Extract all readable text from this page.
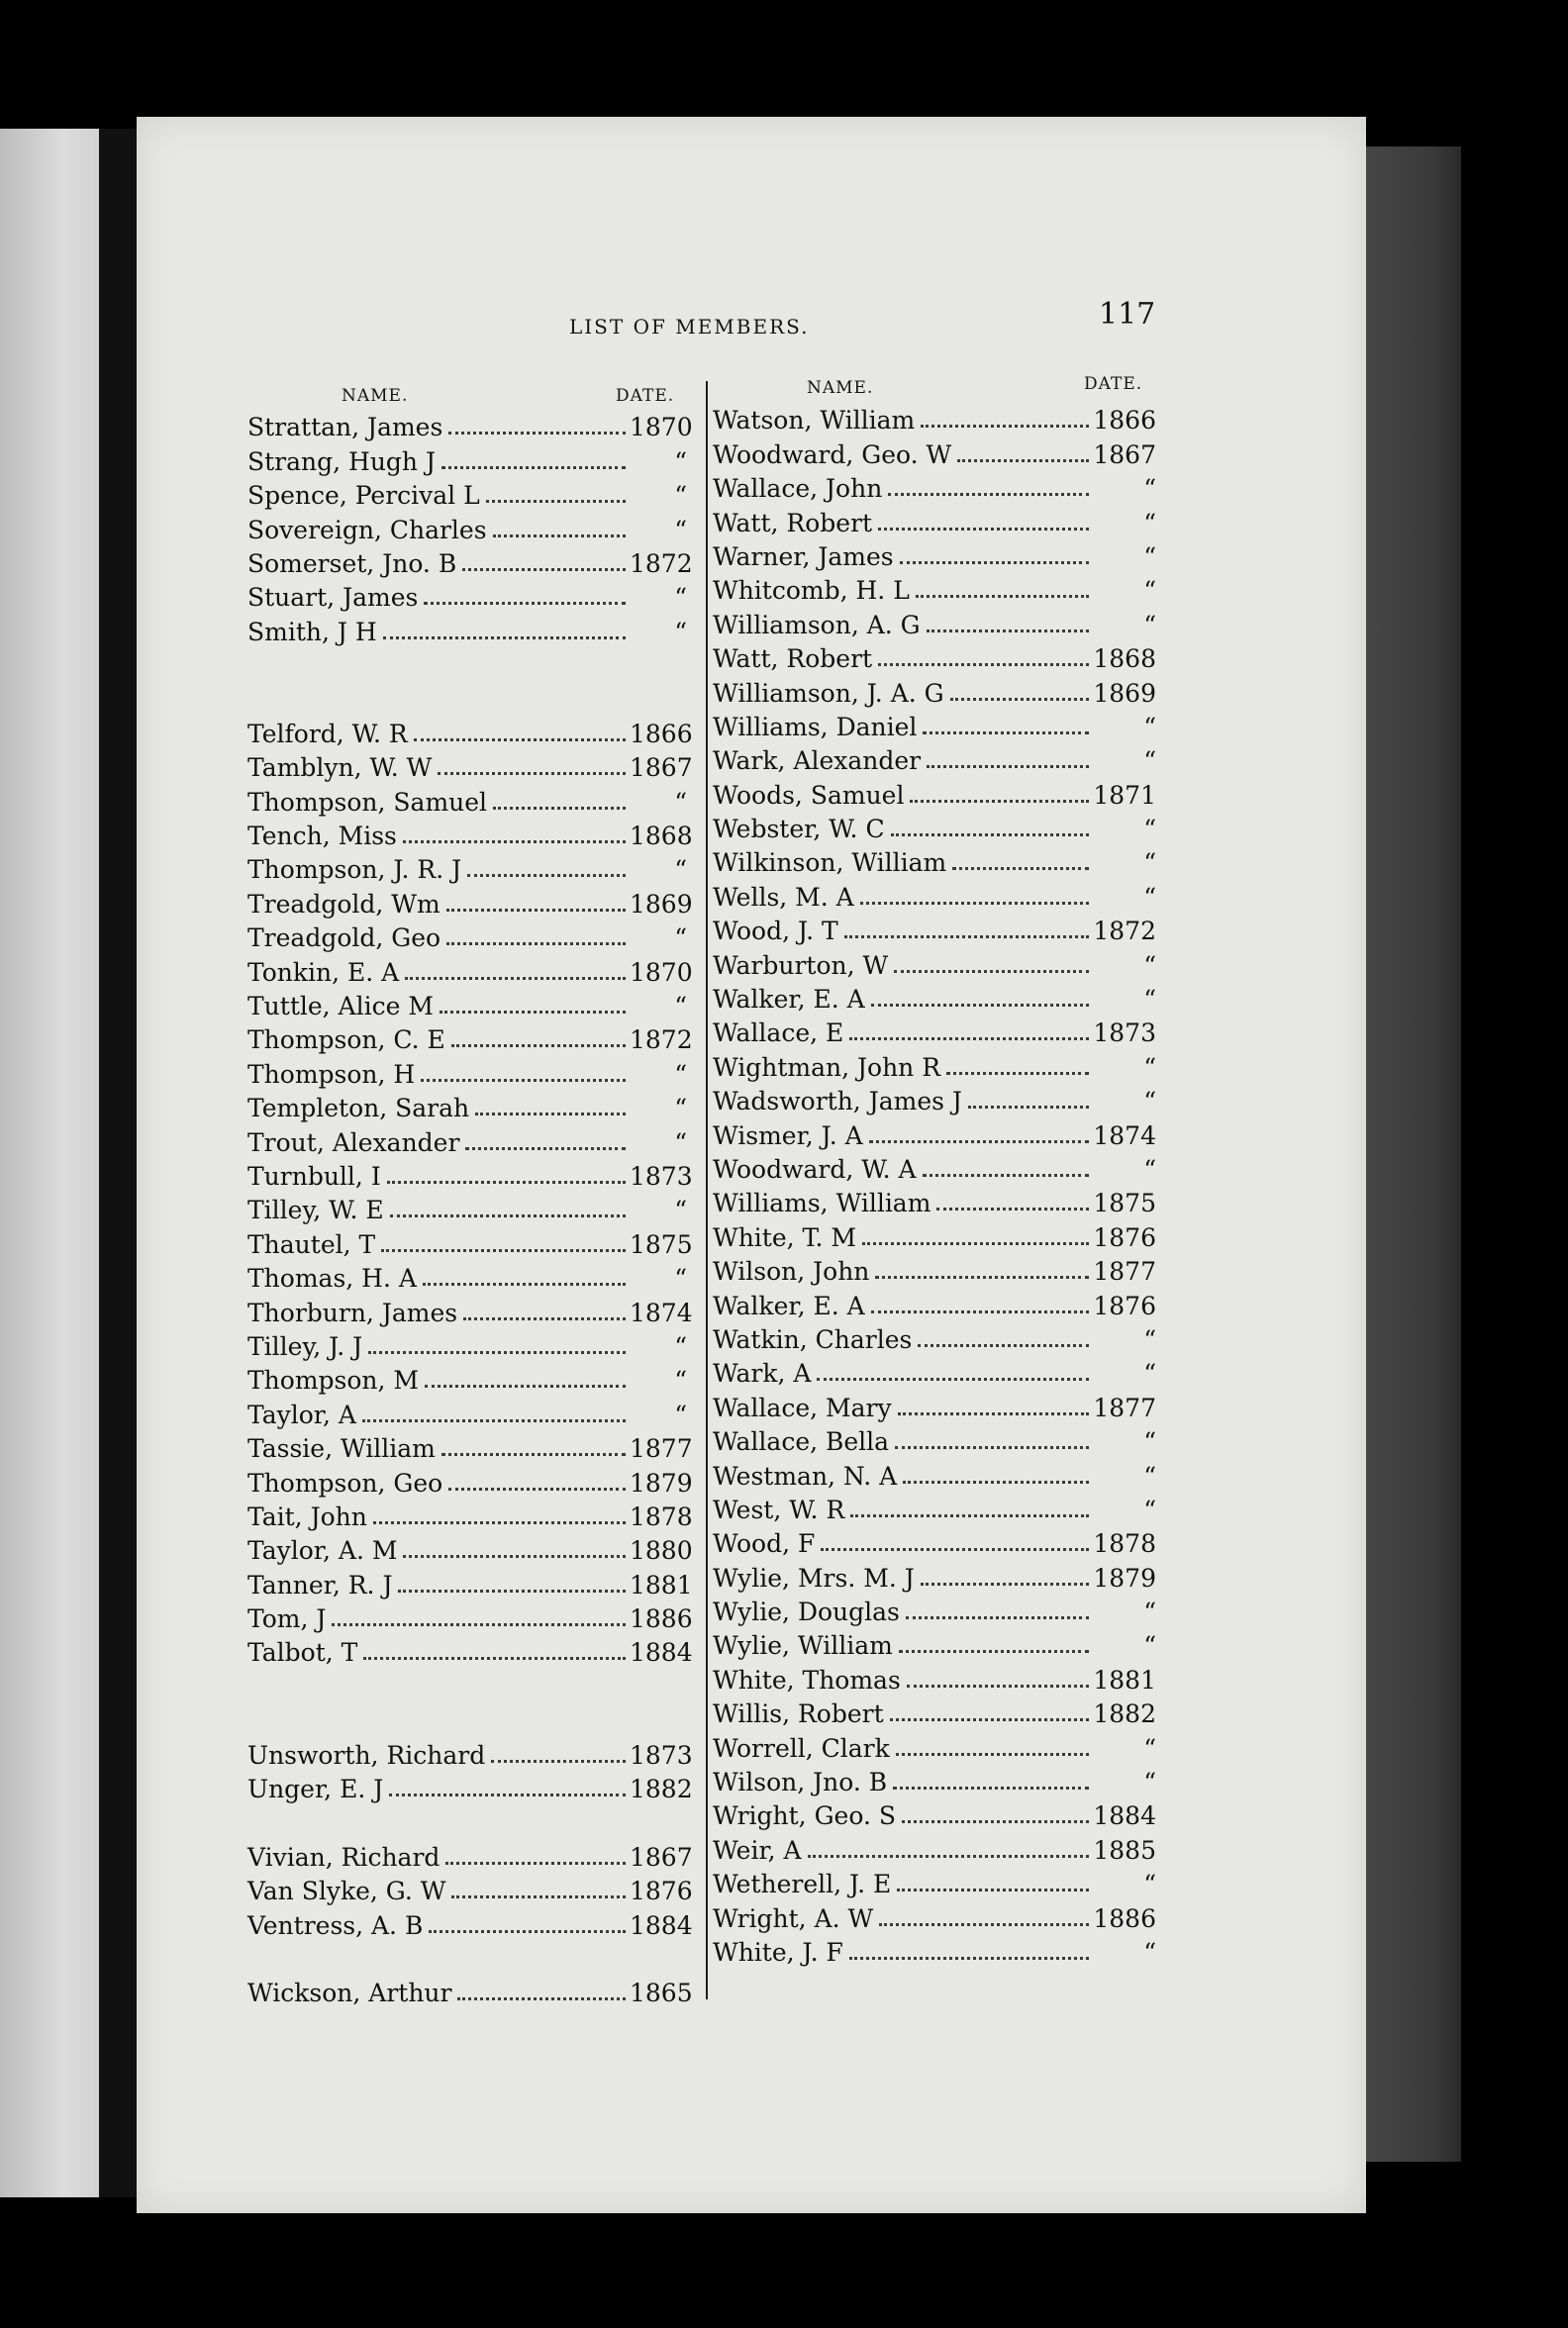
LIST OF MEMBERS.	117
NAME.	DATE.	NAME.	DATE.
Strattan, James	1870
Strang, Hugh J	“
Spence, Percival L	“
Sovereign, Charles	“
Somerset, Jno. B	1872
Stuart, James	“
Smith, J H	“
Telford, W. R	1866
Tamblyn, W. W	1867
Thompson, Samuel	“
Tench, Miss	1868
Thompson, J. R. J	“
Treadgold, Wm	1869
Treadgold, Geo	“
Tonkin, E. A	1870
Tuttle, Alice M	“
Thompson, C. E	1872
Thompson, H	“
Templeton, Sarah	“
Trout, Alexander	“
Turnbull, I	1873
Tilley, W. E	“
Thautel, T	1875
Thomas, H. A	“
Thorburn, James	1874
Tilley, J. J	“
Thompson, M	“
Taylor, A	“
Tassie, William	1877
Thompson, Geo	1879
Tait, John	1878
Taylor, A. M	1880
Tanner, R. J	1881
Tom, J	1886
Talbot, T	1884
Unsworth, Richard	1873
Unger, E. J	1882
Vivian, Richard	1867
Van Slyke, G. W	1876
Ventress, A. B	1884
Wickson, Arthur	1865
Watson, William	1866
Woodward, Geo. W	1867
Wallace, John	“
Watt, Robert	“
Warner, James	“
Whitcomb, H. L	“
Williamson, A. G	“
Watt, Robert	1868
Williamson, J. A. G	1869
Williams, Daniel	“
Wark, Alexander	“
Woods, Samuel	1871
Webster, W. C	“
Wilkinson, William	“
Wells, M. A	“
Wood, J. T	1872
Warburton, W	“
Walker, E. A	“
Wallace, E	1873
Wightman, John R	“
Wadsworth, James J	“
Wismer, J. A	1874
Woodward, W. A	“
Williams, William	1875
White, T. M	1876
Wilson, John	1877
Walker, E. A	1876
Watkin, Charles	“
Wark, A	“
Wallace, Mary	1877
Wallace, Bella	“
Westman, N. A	“
West, W. R	“
Wood, F	1878
Wylie, Mrs. M. J	1879
Wylie, Douglas	“
Wylie, William	“
White, Thomas	1881
Willis, Robert	1882
Worrell, Clark	“
Wilson, Jno. B	“
Wright, Geo. S	1884
Weir, A	1885
Wetherell, J. E	“
Wright, A. W	1886
White, J. F	“
